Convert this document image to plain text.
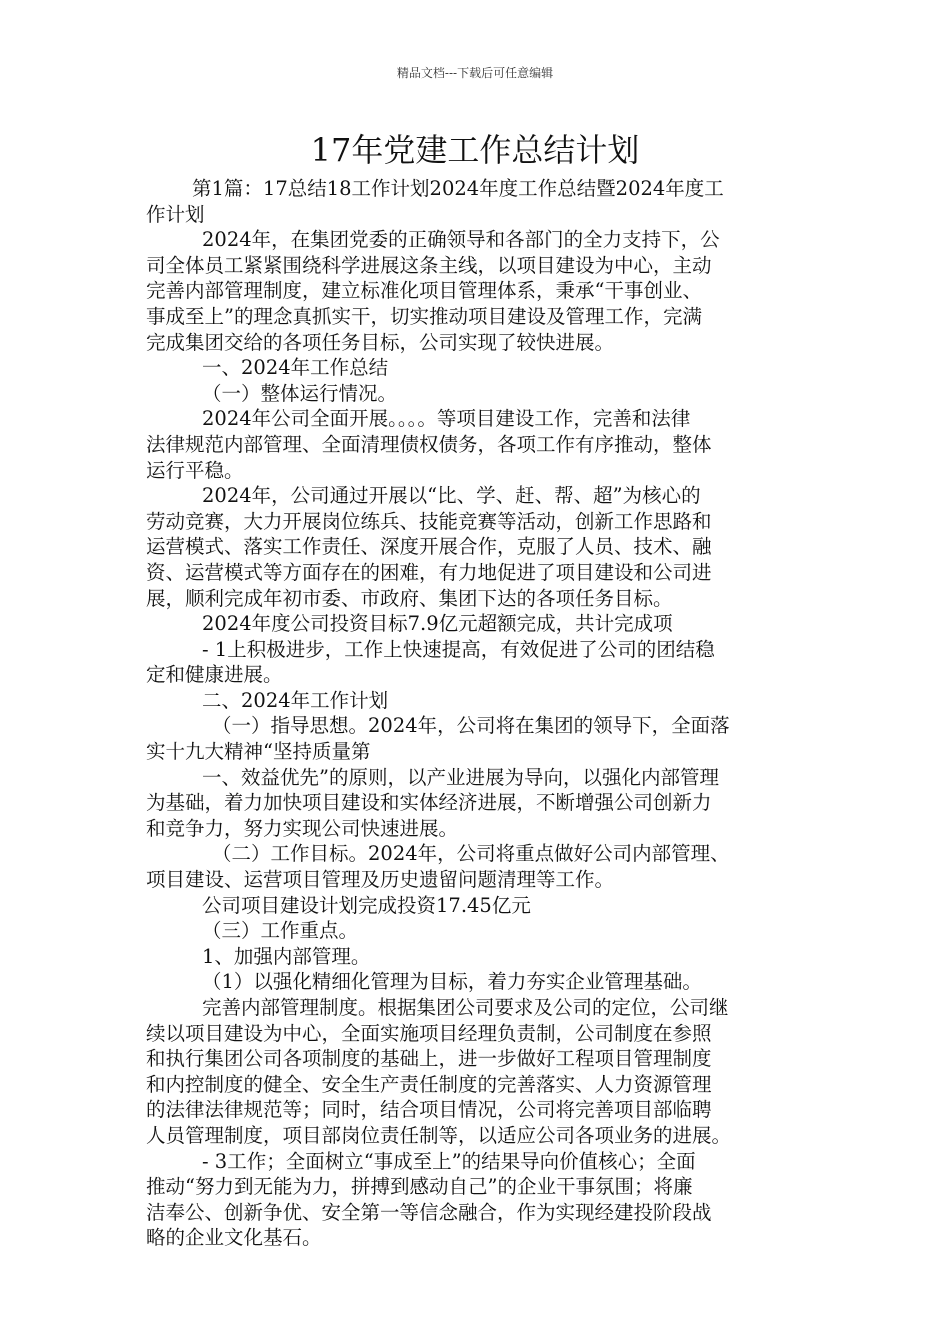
精品文档---下载后可任意编辑
17年党建工作总结计划
第1篇：17总结18工作计划2024年度工作总结暨2024年度工
作计划
2024年，在集团党委的正确领导和各部门的全力支持下，公
司全体员工紧紧围绕科学进展这条主线，以项目建设为中心，主动
完善内部管理制度，建立标准化项目管理体系，秉承“干事创业、
事成至上”的理念真抓实干，切实推动项目建设及管理工作，完满
完成集团交给的各项任务目标，公司实现了较快进展。
一、2024年工作总结
（一）整体运行情况。
2024年公司全面开展。。。。等项目建设工作，完善和法律
法律规范内部管理、全面清理债权债务，各项工作有序推动，整体
运行平稳。
2024年，公司通过开展以“比、学、赶、帮、超”为核心的
劳动竞赛，大力开展岗位练兵、技能竞赛等活动，创新工作思路和
运营模式、落实工作责任、深度开展合作，克服了人员、技术、融
资、运营模式等方面存在的困难，有力地促进了项目建设和公司进
展，顺利完成年初市委、市政府、集团下达的各项任务目标。
2024年度公司投资目标7.9亿元超额完成，共计完成项
- 1上积极进步，工作上快速提高，有效促进了公司的团结稳
定和健康进展。
二、2024年工作计划
（一）指导思想。2024年，公司将在集团的领导下，全面落
实十九大精神“坚持质量第
一、效益优先”的原则，以产业进展为导向，以强化内部管理
为基础，着力加快项目建设和实体经济进展，不断增强公司创新力
和竞争力，努力实现公司快速进展。
（二）工作目标。2024年，公司将重点做好公司内部管理、
项目建设、运营项目管理及历史遗留问题清理等工作。
公司项目建设计划完成投资17.45亿元
（三）工作重点。
1、加强内部管理。
（1）以强化精细化管理为目标，着力夯实企业管理基础。
完善内部管理制度。根据集团公司要求及公司的定位，公司继
续以项目建设为中心，全面实施项目经理负责制，公司制度在参照
和执行集团公司各项制度的基础上，进一步做好工程项目管理制度
和内控制度的健全、安全生产责任制度的完善落实、人力资源管理
的法律法律规范等；同时，结合项目情况，公司将完善项目部临聘
人员管理制度，项目部岗位责任制等，以适应公司各项业务的进展。
- 3工作；全面树立“事成至上”的结果导向价值核心；全面
推动“努力到无能为力，拼搏到感动自己”的企业干事氛围；将廉
洁奉公、创新争优、安全第一等信念融合，作为实现经建投阶段战
略的企业文化基石。
